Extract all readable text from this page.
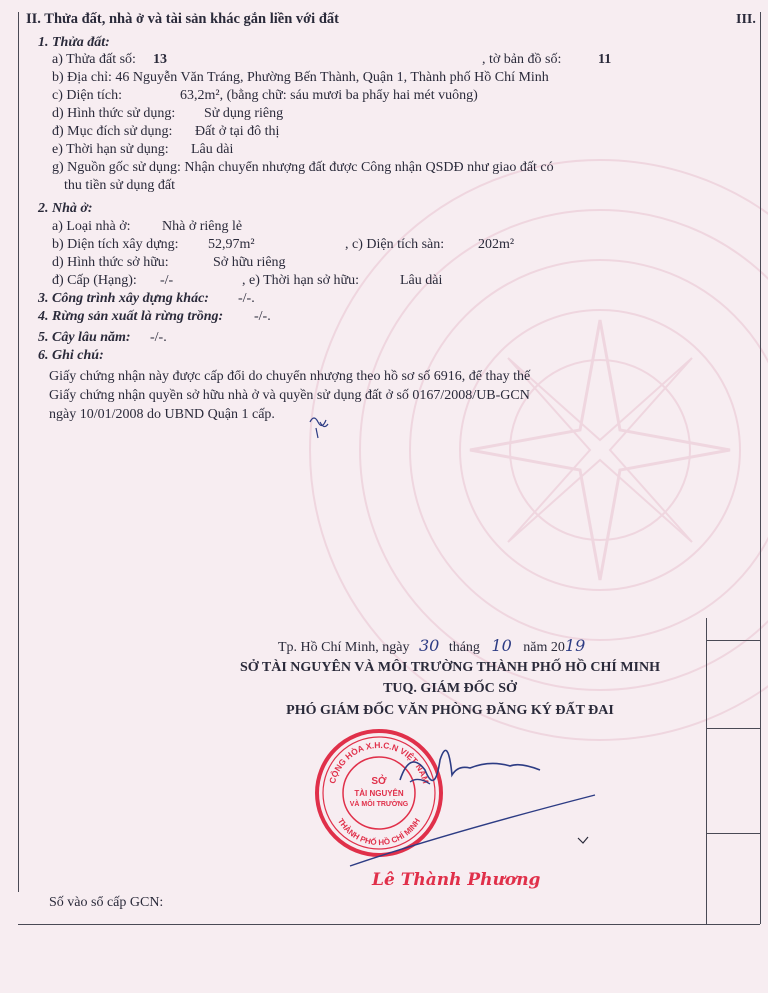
II. Thửa đất, nhà ở và tài sản khác gắn liền với đất	III.
1. Thửa đất:
a) Thửa đất số: 13	, tờ bản đồ số:	11
b) Địa chỉ: 46 Nguyễn Văn Tráng, Phường Bến Thành, Quận 1, Thành phố Hồ Chí Minh
c) Diện tích:	63,2m², (bằng chữ: sáu mươi ba phẩy hai mét vuông)
d) Hình thức sử dụng: Sử dụng riêng
đ) Mục đích sử dụng: Đất ở tại đô thị
e) Thời hạn sử dụng: Lâu dài
g) Nguồn gốc sử dụng: Nhận chuyển nhượng đất được Công nhận QSDĐ như giao đất có
thu tiền sử dụng đất
2. Nhà ở:
a) Loại nhà ở: Nhà ở riêng lẻ
b) Diện tích xây dựng: 52,97m²	, c) Diện tích sàn: 202m²
d) Hình thức sở hữu:	Sở hữu riêng
đ) Cấp (Hạng): -/-	, e) Thời hạn sở hữu:	Lâu dài
3. Công trình xây dựng khác: -/-.
4. Rừng sản xuất là rừng trồng: -/-.
5. Cây lâu năm: -/-.
6. Ghi chú:
Giấy chứng nhận này được cấp đổi do chuyển nhượng theo hồ sơ số 6916, để thay thế
Giấy chứng nhận quyền sở hữu nhà ở và quyền sử dụng đất ở số 0167/2008/UB-GCN
ngày 10/01/2008 do UBND Quận 1 cấp.
Tp. Hồ Chí Minh, ngày 30 tháng 10 năm 2019
SỞ TÀI NGUYÊN VÀ MÔI TRƯỜNG THÀNH PHỐ HỒ CHÍ MINH
TUQ. GIÁM ĐỐC SỞ
PHÓ GIÁM ĐỐC VĂN PHÒNG ĐĂNG KÝ ĐẤT ĐAI
CỘNG HÒA X.H.C.N VIỆT NAM
THÀNH PHỐ HỒ CHÍ MINH
SỞ
TÀI NGUYÊN
VÀ MÔI TRƯỜNG
Lê Thành Phương
Số vào sổ cấp GCN:
